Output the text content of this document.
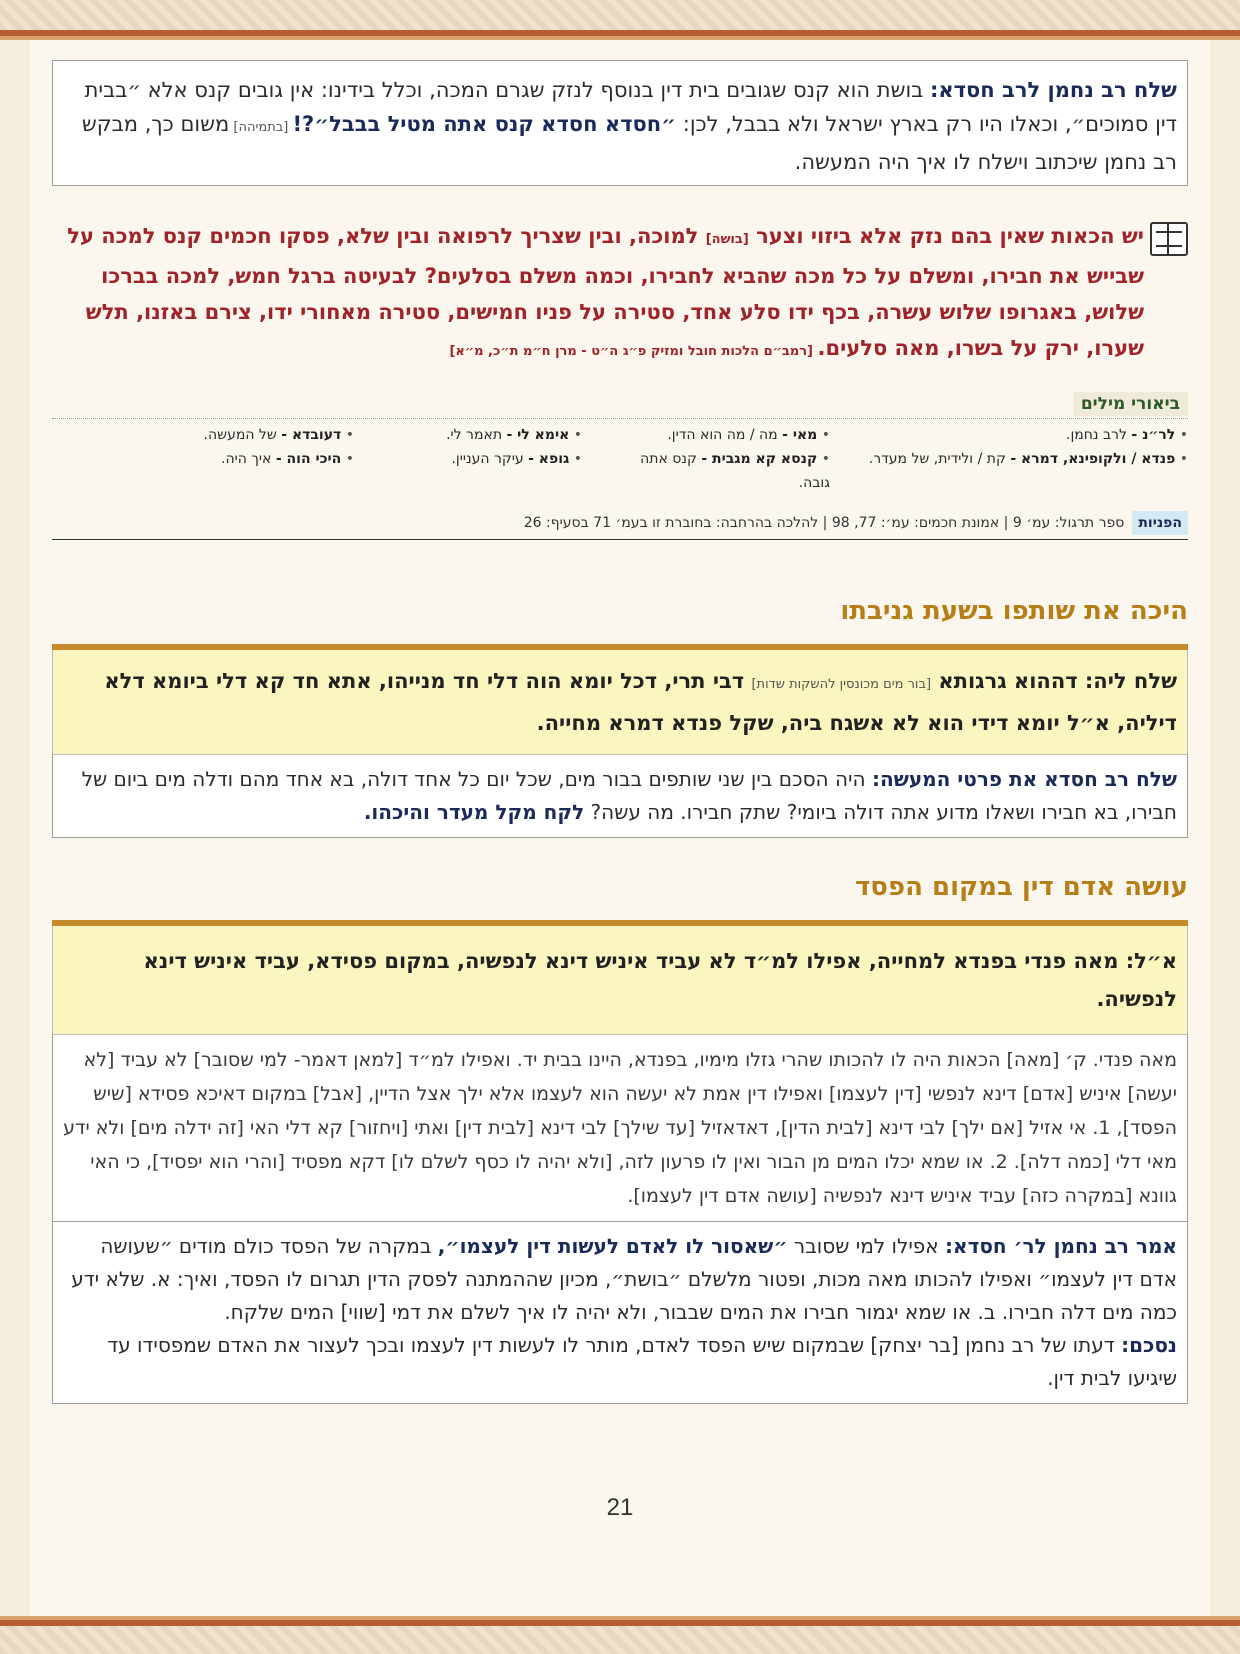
שלח רב נחמן לרב חסדא: בושת הוא קנס שגובים בית דין בנוסף לנזק שגרם המכה, וכלל בידינו: אין גובים קנס אלא ״בבית דין סמוכים״, וכאלו היו רק בארץ ישראל ולא בבבל, לכן: ״חסדא חסדא קנס אתה מטיל בבבל״?! [בתמיהה] משום כך, מבקש רב נחמן שיכתוב וישלח לו איך היה המעשה.
יש הכאות שאין בהם נזק אלא ביזוי וצער [בושה] למוכה, ובין שצריך לרפואה ובין שלא, פסקו חכמים קנס למכה על שבייש את חבירו, ומשלם על כל מכה שהביא לחבירו, וכמה משלם בסלעים? לבעיטה ברגל חמש, למכה בברכו שלוש, באגרופו שלוש עשרה, בכף ידו סלע אחד, סטירה על פניו חמישים, סטירה מאחורי ידו, צירם באזנו, תלש שערו, ירק על בשרו, מאה סלעים. [רמב״ם הלכות חובל ומזיק פ״ג ה״ט - מרן ח״מ ת״כ, מ״א]
ביאורי מילים
• לר״נ - לרב נחמן.
• מאי - מה / מה הוא הדין.
• אימא לי - תאמר לי.
• דעובדא - של המעשה.
• פנדא / ולקופינא, דמרא - קת / ולידית, של מעדר.
• קנסא קא מגבית - קנס אתה גובה.
• גופא - עיקר העניין.
• היכי הוה - איך היה.
הפניותספר תרגול: עמ׳ 9 | אמונת חכמים: עמ׳: 77, 98 | להלכה בהרחבה: בחוברת זו בעמ׳ 71 בסעיף: 26
היכה את שותפו בשעת גניבתו
שלח ליה: דההוא גרגותא [בור מים מכונסין להשקות שדות] דבי תרי, דכל יומא הוה דלי חד מנייהו, אתא חד קא דלי ביומא דלא דיליה, א״ל יומא דידי הוא לא אשגח ביה, שקל פנדא דמרא מחייה.
שלח רב חסדא את פרטי המעשה: היה הסכם בין שני שותפים בבור מים, שכל יום כל אחד דולה, בא אחד מהם ודלה מים ביום של חבירו, בא חבירו ושאלו מדוע אתה דולה ביומי? שתק חבירו. מה עשה? לקח מקל מעדר והיכהו.
עושה אדם דין במקום הפסד
א״ל: מאה פנדי בפנדא למחייה, אפילו למ״ד לא עביד איניש דינא לנפשיה, במקום פסידא, עביד איניש דינא לנפשיה.
מאה פנדי. ק׳ [מאה] הכאות היה לו להכותו שהרי גזלו מימיו, בפנדא, היינו בבית יד. ואפילו למ״ד [למאן דאמר- למי שסובר] לא עביד [לא יעשה] איניש [אדם] דינא לנפשי [דין לעצמו] ואפילו דין אמת לא יעשה הוא לעצמו אלא ילך אצל הדיין, [אבל] במקום דאיכא פסידא [שיש הפסד], 1. אי אזיל [אם ילך] לבי דינא [לבית הדין], דאדאזיל [עד שילך] לבי דינא [לבית דין] ואתי [ויחזור] קא דלי האי [זה ידלה מים] ולא ידע מאי דלי [כמה דלה]. 2. או שמא יכלו המים מן הבור ואין לו פרעון לזה, [ולא יהיה לו כסף לשלם לו] דקא מפסיד [והרי הוא יפסיד], כי האי גוונא [במקרה כזה] עביד איניש דינא לנפשיה [עושה אדם דין לעצמו].
אמר רב נחמן לר׳ חסדא: אפילו למי שסובר ״שאסור לו לאדם לעשות דין לעצמו״, במקרה של הפסד כולם מודים ״שעושה אדם דין לעצמו״ ואפילו להכותו מאה מכות, ופטור מלשלם ״בושת״, מכיון שההמתנה לפסק הדין תגרום לו הפסד, ואיך: א. שלא ידע כמה מים דלה חבירו. ב. או שמא יגמור חבירו את המים שבבור, ולא יהיה לו איך לשלם את דמי [שווי] המים שלקח.
נסכם: דעתו של רב נחמן [בר יצחק] שבמקום שיש הפסד לאדם, מותר לו לעשות דין לעצמו ובכך לעצור את האדם שמפסידו עד שיגיעו לבית דין.
21
